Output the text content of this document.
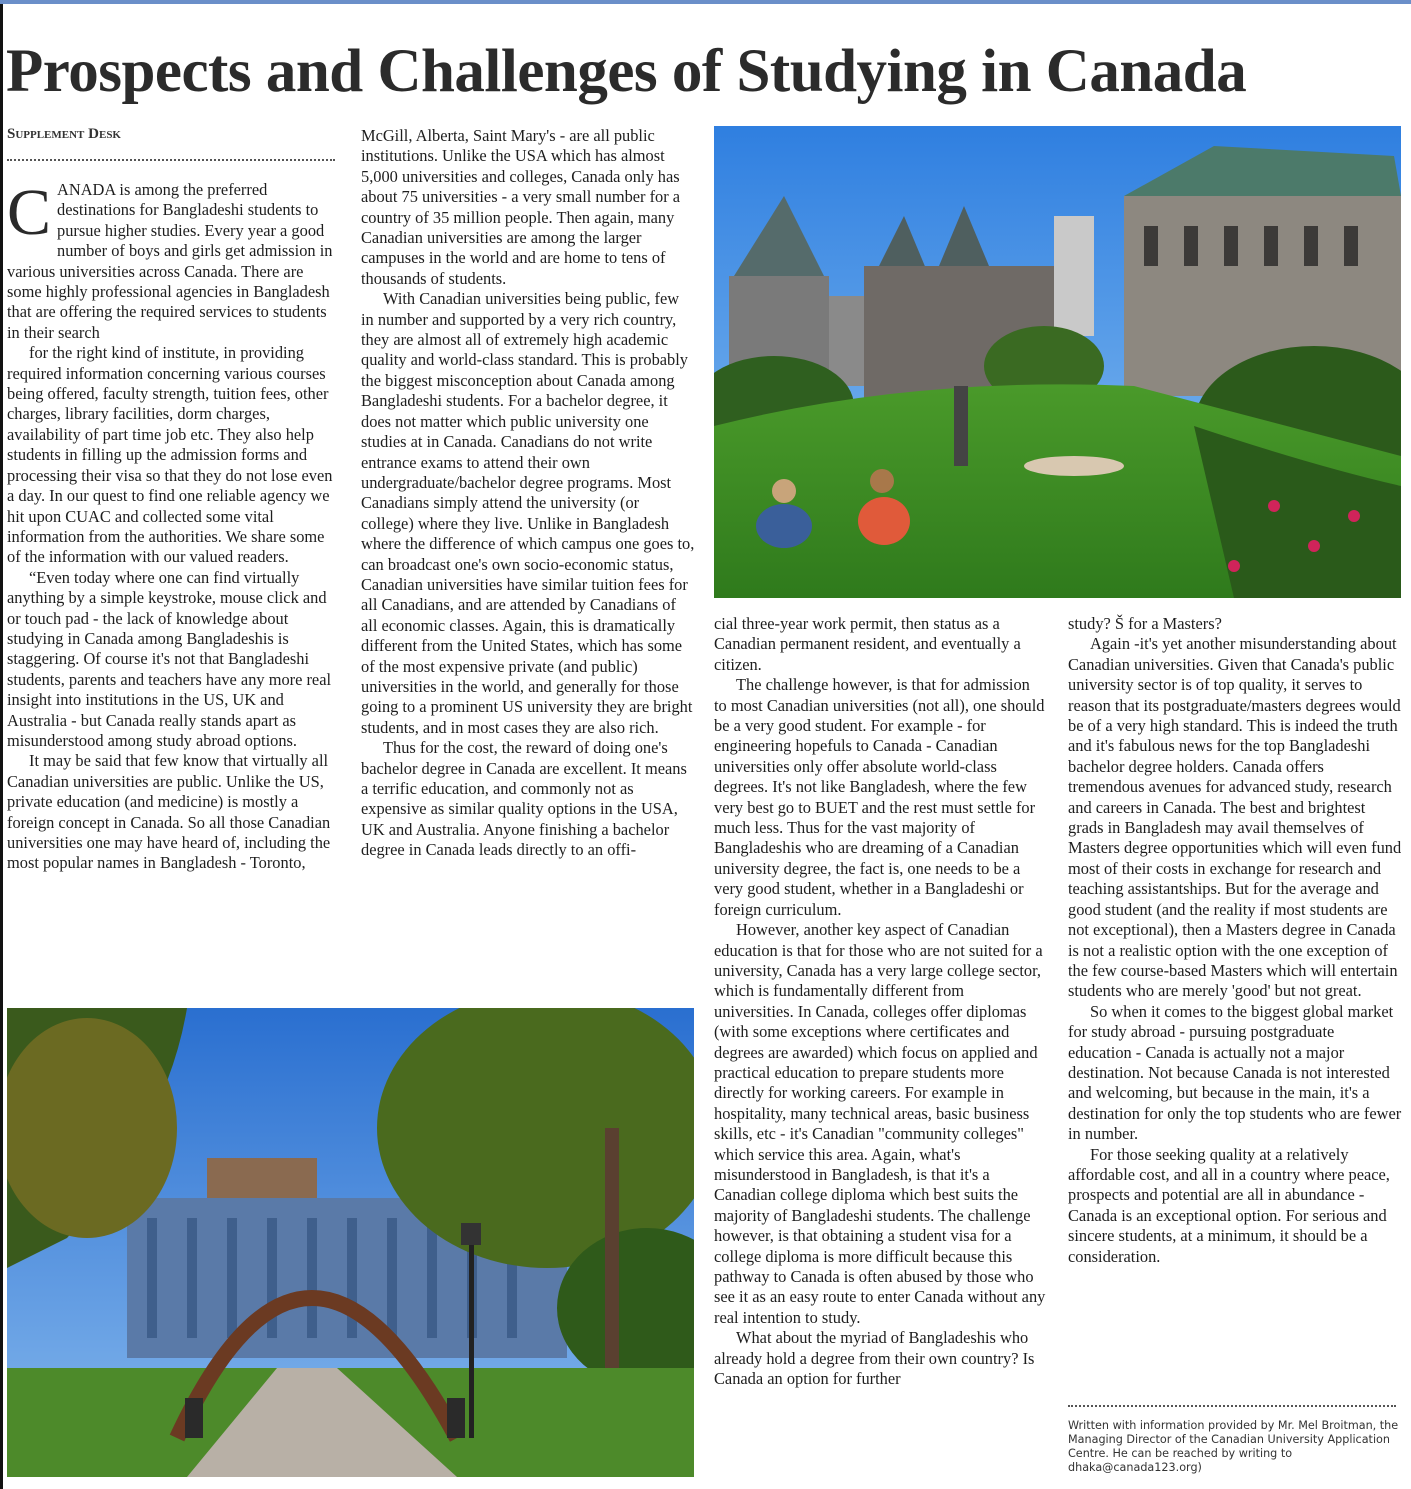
Prospects and Challenges of Studying in Canada
Supplement Desk

CANADA is among the preferred destinations for Bangladeshi students to pursue higher studies. Every year a good number of boys and girls get admission in various universities across Canada. There are some highly professional agencies in Bangladesh that are offering the required services to students in their search

for the right kind of institute, in providing required information concerning various courses being offered, faculty strength, tuition fees, other charges, library facilities, dorm charges, availability of part time job etc. They also help students in filling up the admission forms and processing their visa so that they do not lose even a day. In our quest to find one reliable agency we hit upon CUAC and collected some vital information from the authorities. We share some of the information with our valued readers.

“Even today where one can find virtually anything by a simple keystroke, mouse click and or touch pad - the lack of knowledge about studying in Canada among Bangladeshis is staggering. Of course it's not that Bangladeshi students, parents and teachers have any more real insight into institutions in the US, UK and Australia - but Canada really stands apart as misunderstood among study abroad options.

It may be said that few know that virtually all Canadian universities are public. Unlike the US, private education (and medicine) is mostly a foreign concept in Canada. So all those Canadian universities one may have heard of, including the most popular names in Bangladesh - Toronto,

McGill, Alberta, Saint Mary's - are all public institutions. Unlike the USA which has almost 5,000 universities and colleges, Canada only has about 75 universities - a very small number for a country of 35 million people. Then again, many Canadian universities are among the larger campuses in the world and are home to tens of thousands of students.

With Canadian universities being public, few in number and supported by a very rich country, they are almost all of extremely high academic quality and world-class standard. This is probably the biggest misconception about Canada among Bangladeshi students. For a bachelor degree, it does not matter which public university one studies at in Canada. Canadians do not write entrance exams to attend their own undergraduate/bachelor degree programs. Most Canadians simply attend the university (or college) where they live. Unlike in Bangladesh where the difference of which campus one goes to, can broadcast one's own socio-economic status, Canadian universities have similar tuition fees for all Canadians, and are attended by Canadians of all economic classes. Again, this is dramatically different from the United States, which has some of the most expensive private (and public) universities in the world, and generally for those going to a prominent US university they are bright students, and in most cases they are also rich.

Thus for the cost, the reward of doing one's bachelor degree in Canada are excellent. It means a terrific education, and commonly not as expensive as similar quality options in the USA, UK and Australia. Anyone finishing a bachelor degree in Canada leads directly to an offi-

cial three-year work permit, then status as a Canadian permanent resident, and eventually a citizen.

The challenge however, is that for admission to most Canadian universities (not all), one should be a very good student. For example - for engineering hopefuls to Canada - Canadian universities only offer absolute world-class degrees. It's not like Bangladesh, where the few very best go to BUET and the rest must settle for much less. Thus for the vast majority of Bangladeshis who are dreaming of a Canadian university degree, the fact is, one needs to be a very good student, whether in a Bangladeshi or foreign curriculum.

However, another key aspect of Canadian education is that for those who are not suited for a university, Canada has a very large college sector, which is fundamentally different from universities. In Canada, colleges offer diplomas (with some exceptions where certificates and degrees are awarded) which focus on applied and practical education to prepare students more directly for working careers. For example in hospitality, many technical areas, basic business skills, etc - it's Canadian "community colleges" which service this area. Again, what's misunderstood in Bangladesh, is that it's a Canadian college diploma which best suits the majority of Bangladeshi students. The challenge however, is that obtaining a student visa for a college diploma is more difficult because this pathway to Canada is often abused by those who see it as an easy route to enter Canada without any real intention to study.

What about the myriad of Bangladeshis who already hold a degree from their own country? Is Canada an option for further

study? Š for a Masters?

Again -it's yet another misunderstanding about Canadian universities. Given that Canada's public university sector is of top quality, it serves to reason that its postgraduate/masters degrees would be of a very high standard. This is indeed the truth and it's fabulous news for the top Bangladeshi bachelor degree holders. Canada offers tremendous avenues for advanced study, research and careers in Canada. The best and brightest grads in Bangladesh may avail themselves of Masters degree opportunities which will even fund most of their costs in exchange for research and teaching assistantships. But for the average and good student (and the reality if most students are not exceptional), then a Masters degree in Canada is not a realistic option with the one exception of the few course-based Masters which will entertain students who are merely 'good' but not great.

So when it comes to the biggest global market for study abroad - pursuing postgraduate education - Canada is actually not a major destination. Not because Canada is not interested and welcoming, but because in the main, it's a destination for only the top students who are fewer in number.

For those seeking quality at a relatively affordable cost, and all in a country where peace, prospects and potential are all in abundance - Canada is an exceptional option. For serious and sincere students, at a minimum, it should be a consideration.

Written with information provided by Mr. Mel Broitman, the Managing Director of the Canadian University Application Centre. He can be reached by writing to dhaka@canada123.org)
